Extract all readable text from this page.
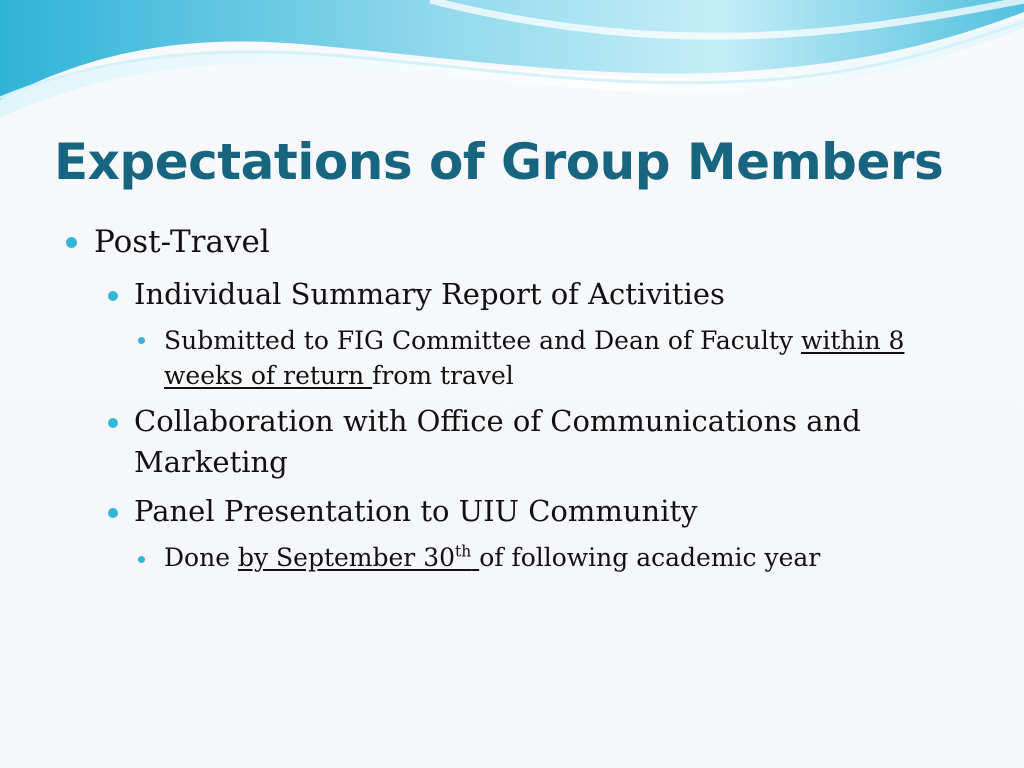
Expectations of Group Members
Post-Travel
Individual Summary Report of Activities
Submitted to FIG Committee and Dean of Faculty within 8
weeks of return from travel
Collaboration with Office of Communications and
Marketing
Panel Presentation to UIU Community
Done by September 30th of following academic year
